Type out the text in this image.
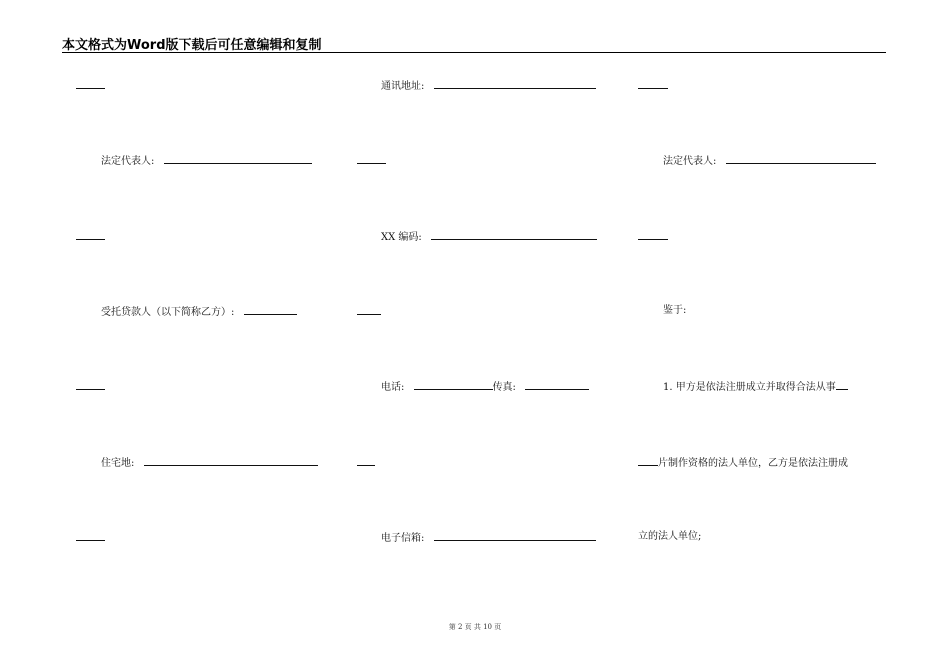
本文格式为Word版下载后可任意编辑和复制
法定代表人:
受托贷款人（以下简称乙方）:
住宅地:
通讯地址:
XX 编码:
电话:	传真:
电子信箱:
法定代表人:
鉴于:
1. 甲方是依法注册成立并取得合法从事
片制作资格的法人单位，乙方是依法注册成
立的法人单位;
第 2 页 共 10 页
